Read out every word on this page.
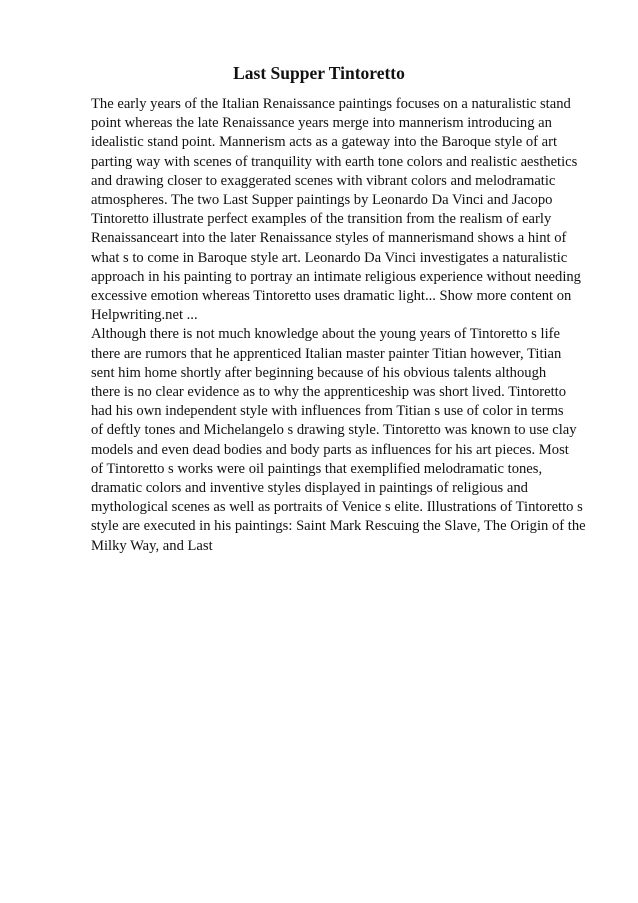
Last Supper Tintoretto
The early years of the Italian Renaissance paintings focuses on a naturalistic stand
point whereas the late Renaissance years merge into mannerism introducing an
idealistic stand point. Mannerism acts as a gateway into the Baroque style of art
parting way with scenes of tranquility with earth tone colors and realistic aesthetics
and drawing closer to exaggerated scenes with vibrant colors and melodramatic
atmospheres. The two Last Supper paintings by Leonardo Da Vinci and Jacopo
Tintoretto illustrate perfect examples of the transition from the realism of early
Renaissanceart into the later Renaissance styles of mannerismand shows a hint of
what s to come in Baroque style art. Leonardo Da Vinci investigates a naturalistic
approach in his painting to portray an intimate religious experience without needing
excessive emotion whereas Tintoretto uses dramatic light... Show more content on
Helpwriting.net ...
Although there is not much knowledge about the young years of Tintoretto s life
there are rumors that he apprenticed Italian master painter Titian however, Titian
sent him home shortly after beginning because of his obvious talents although
there is no clear evidence as to why the apprenticeship was short lived. Tintoretto
had his own independent style with influences from Titian s use of color in terms
of deftly tones and Michelangelo s drawing style. Tintoretto was known to use clay
models and even dead bodies and body parts as influences for his art pieces. Most
of Tintoretto s works were oil paintings that exemplified melodramatic tones,
dramatic colors and inventive styles displayed in paintings of religious and
mythological scenes as well as portraits of Venice s elite. Illustrations of Tintoretto s
style are executed in his paintings: Saint Mark Rescuing the Slave, The Origin of the
Milky Way, and Last
